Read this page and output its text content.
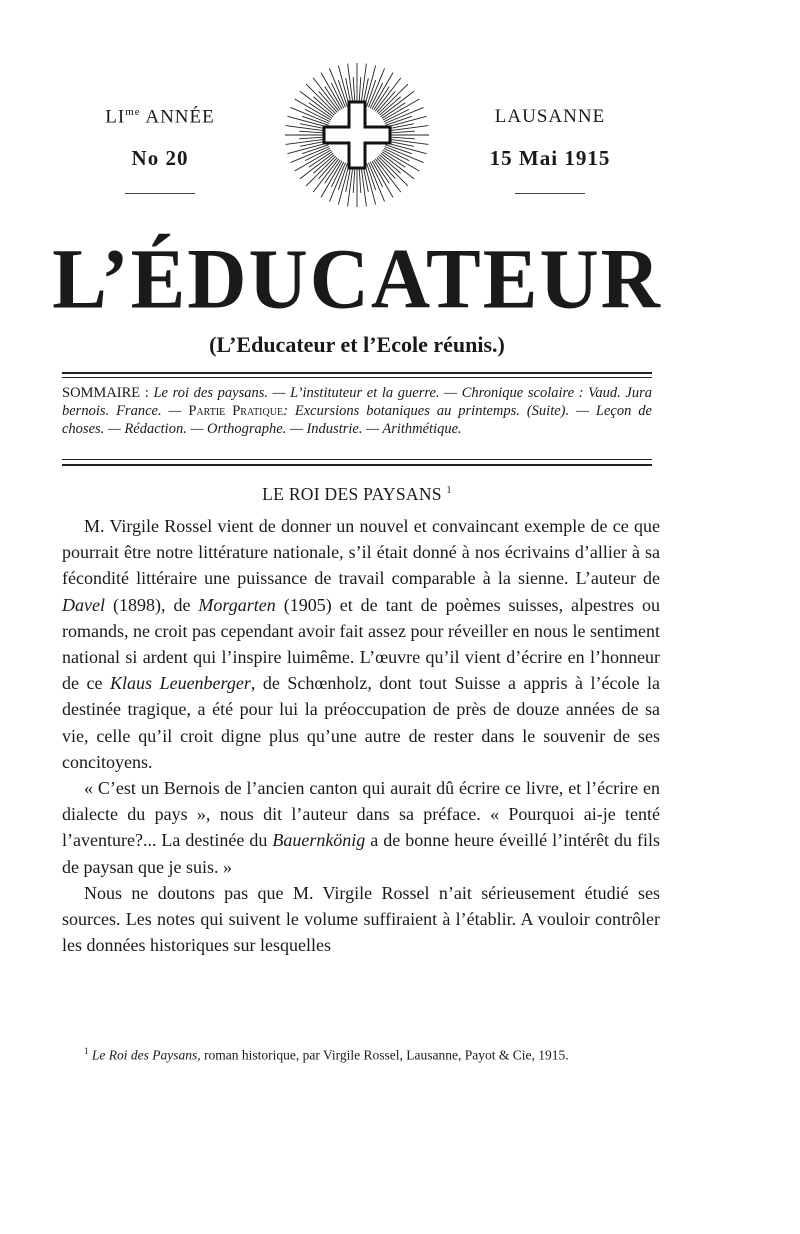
$LI^{me}$ ANNÉE
No 20
LAUSANNE
15 Mai 1915
L’ÉDUCATEUR
(L’Educateur et l’Ecole réunis.)
SOMMAIRE : Le roi des paysans. — L’instituteur et la guerre. — Chronique scolaire : Vaud. Jura bernois. France. — Partie Pratique: Excursions botaniques au printemps. (Suite). — Leçon de choses. — Rédaction. — Orthographe. — Industrie. — Arithmétique.
LE ROI DES PAYSANS $^1$

M. Virgile Rossel vient de donner un nouvel et convaincant exemple de ce que pourrait être notre littérature nationale, s’il était donné à nos écrivains d’allier à sa fécondité littéraire une puissance de travail comparable à la sienne. L’auteur de Davel (1898), de Morgarten (1905) et de tant de poèmes suisses, alpestres ou romands, ne croit pas cependant avoir fait assez pour réveiller en nous le sentiment national si ardent qui l’inspire luimême. L’œuvre qu’il vient d’écrire en l’honneur de ce Klaus Leuenberger, de Schœnholz, dont tout Suisse a appris à l’école la destinée tragique, a été pour lui la préoccupation de près de douze années de sa vie, celle qu’il croit digne plus qu’une autre de rester dans le souvenir de ses concitoyens.

« C’est un Bernois de l’ancien canton qui aurait dû écrire ce livre, et l’écrire en dialecte du pays », nous dit l’auteur dans sa préface. « Pourquoi ai-je tenté l’aventure?... La destinée du Bauernkönig a de bonne heure éveillé l’intérêt du fils de paysan que je suis. »

Nous ne doutons pas que M. Virgile Rossel n’ait sérieusement étudié ses sources. Les notes qui suivent le volume suffiraient à l’établir. A vouloir contrôler les données historiques sur lesquelles

$^1$ Le Roi des Paysans, roman historique, par Virgile Rossel, Lausanne, Payot & Cie, 1915.
